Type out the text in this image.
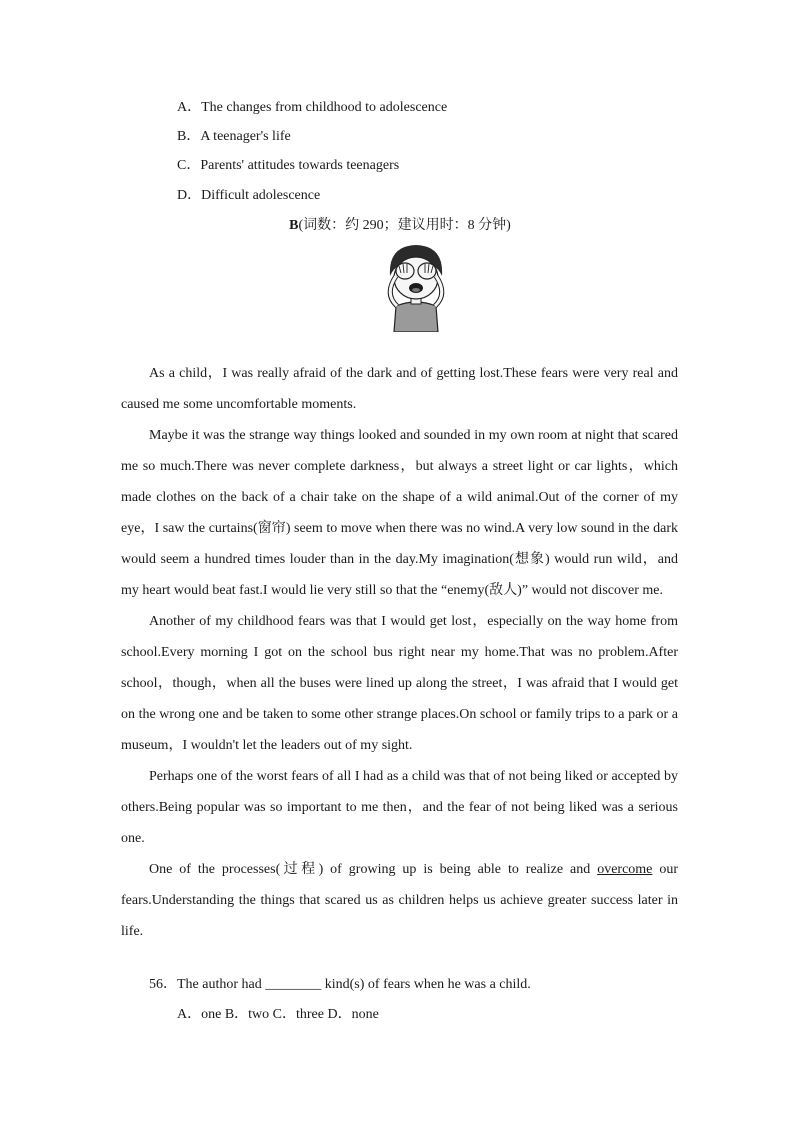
A．The changes from childhood to adolescence
B．A teenager's life
C．Parents' attitudes towards teenagers
D．Difficult adolescence
B(词数：约 290；建议用时：8 分钟)

As a child，I was really afraid of the dark and of getting lost.These fears were very real and caused me some uncomfortable moments.

Maybe it was the strange way things looked and sounded in my own room at night that scared me so much.There was never complete darkness，but always a street light or car lights，which made clothes on the back of a chair take on the shape of a wild animal.Out of the corner of my eye，I saw the curtains(窗帘) seem to move when there was no wind.A very low sound in the dark would seem a hundred times louder than in the day.My imagination(想象) would run wild，and my heart would beat fast.I would lie very still so that the “enemy(敌人)” would not discover me.

Another of my childhood fears was that I would get lost，especially on the way home from school.Every morning I got on the school bus right near my home.That was no problem.After school，though，when all the buses were lined up along the street，I was afraid that I would get on the wrong one and be taken to some other strange places.On school or family trips to a park or a museum，I wouldn't let the leaders out of my sight.

Perhaps one of the worst fears of all I had as a child was that of not being liked or accepted by others.Being popular was so important to me then，and the fear of not being liked was a serious one.

One of the processes(过程) of growing up is being able to realize and overcome our fears.Understanding the things that scared us as children helps us achieve greater success later in life.

56．The author had ________ kind(s) of fears when he was a child.
A．one B．two C．three D．none
